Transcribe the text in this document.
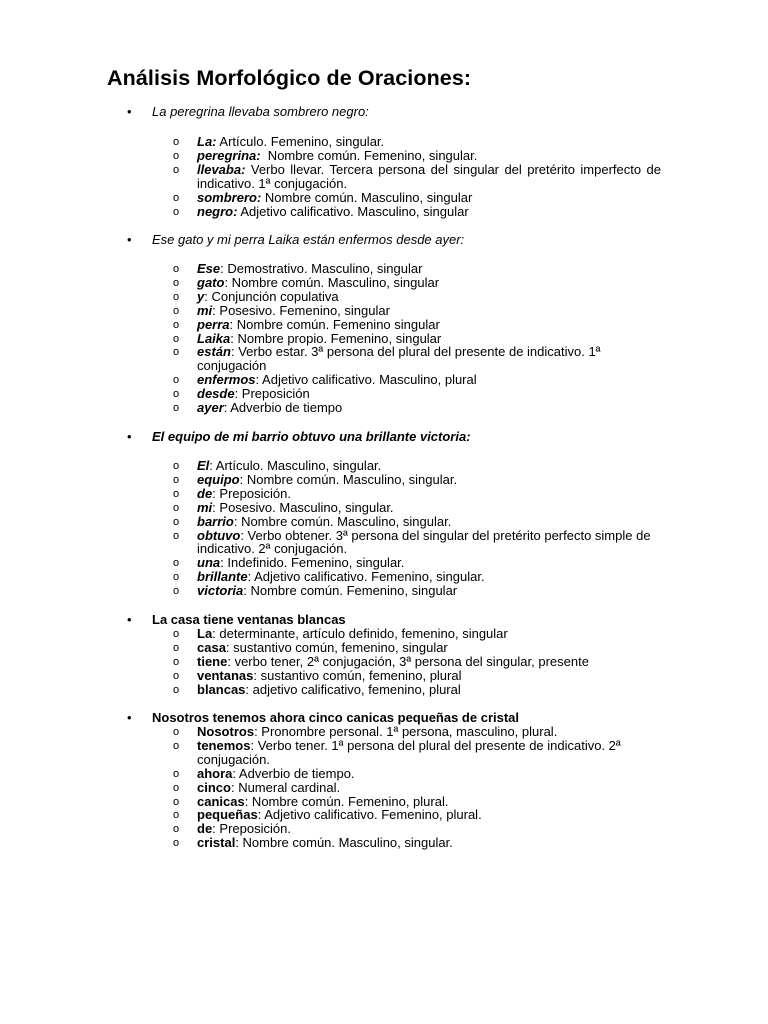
Análisis Morfológico de Oraciones:
• La peregrina llevaba sombrero negro:
o La: Artículo. Femenino, singular.
o peregrina:  Nombre común. Femenino, singular.
o llevaba: Verbo llevar. Tercera persona del singular del pretérito imperfecto de indicativo. 1ª conjugación.
o sombrero: Nombre común. Masculino, singular
o negro: Adjetivo calificativo. Masculino, singular
• Ese gato y mi perra Laika están enfermos desde ayer:
o Ese: Demostrativo. Masculino, singular
o gato: Nombre común. Masculino, singular
o y: Conjunción copulativa
o mi: Posesivo. Femenino, singular
o perra: Nombre común. Femenino singular
o Laika: Nombre propio. Femenino, singular
o están: Verbo estar. 3ª persona del plural del presente de indicativo. 1ª conjugación
o enfermos: Adjetivo calificativo. Masculino, plural
o desde: Preposición
o ayer: Adverbio de tiempo
• El equipo de mi barrio obtuvo una brillante victoria:
o El: Artículo. Masculino, singular.
o equipo: Nombre común. Masculino, singular.
o de: Preposición.
o mi: Posesivo. Masculino, singular.
o barrio: Nombre común. Masculino, singular.
o obtuvo: Verbo obtener. 3ª persona del singular del pretérito perfecto simple de indicativo. 2ª conjugación.
o una: Indefinido. Femenino, singular.
o brillante: Adjetivo calificativo. Femenino, singular.
o victoria: Nombre común. Femenino, singular
• La casa tiene ventanas blancas
o La: determinante, artículo definido, femenino, singular
o casa: sustantivo común, femenino, singular
o tiene: verbo tener, 2ª conjugación, 3ª persona del singular, presente
o ventanas: sustantivo común, femenino, plural
o blancas: adjetivo calificativo, femenino, plural
• Nosotros tenemos ahora cinco canicas pequeñas de cristal
o Nosotros: Pronombre personal. 1ª persona, masculino, plural.
o tenemos: Verbo tener. 1ª persona del plural del presente de indicativo. 2ª conjugación.
o ahora: Adverbio de tiempo.
o cinco: Numeral cardinal.
o canicas: Nombre común. Femenino, plural.
o pequeñas: Adjetivo calificativo. Femenino, plural.
o de: Preposición.
o cristal: Nombre común. Masculino, singular.
